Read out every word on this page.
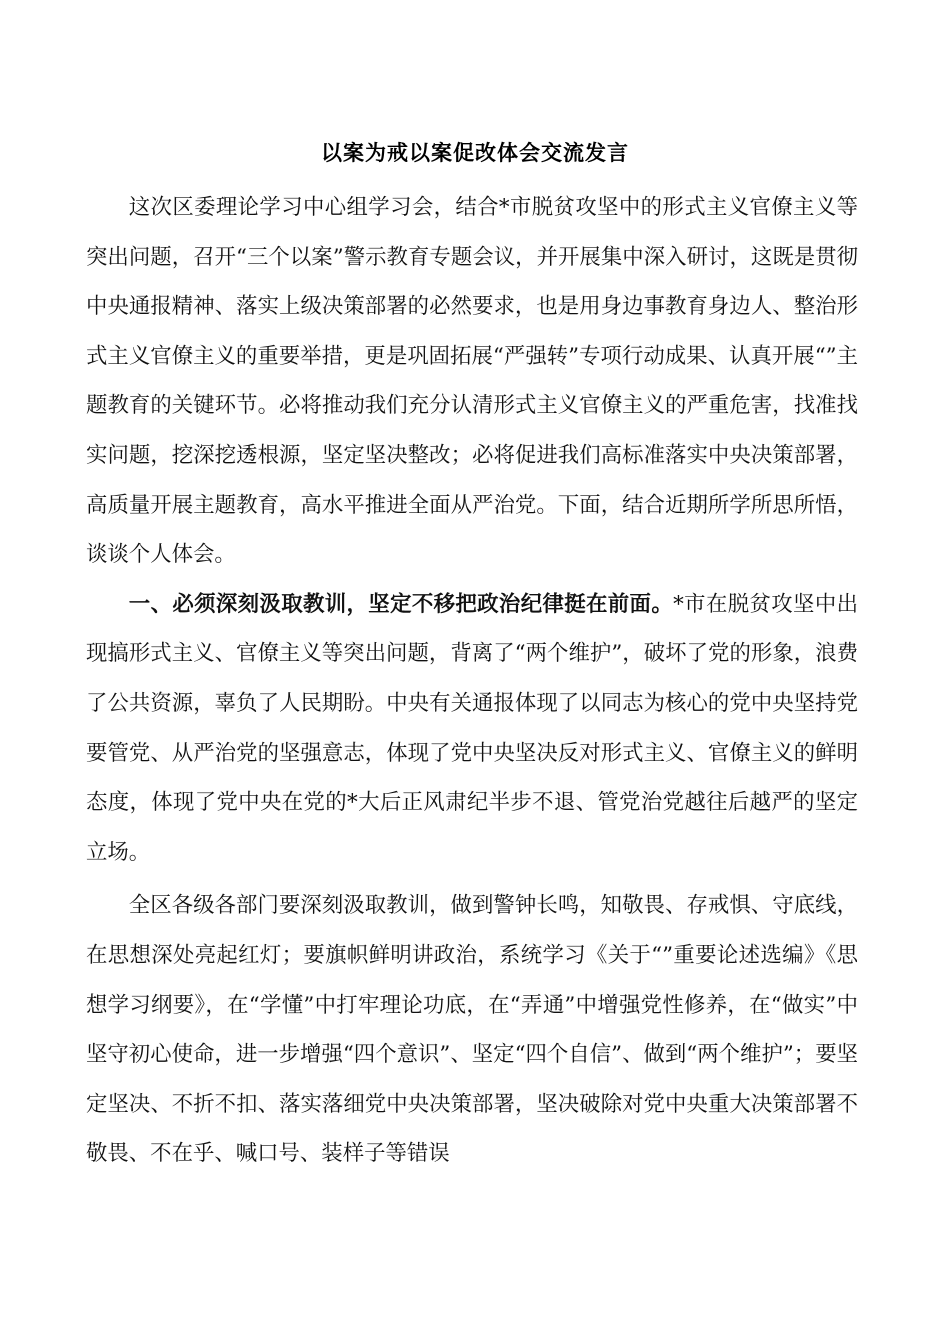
以案为戒以案促改体会交流发言

这次区委理论学习中心组学习会，结合*市脱贫攻坚中的形式主义官僚主义等突出问题，召开“三个以案”警示教育专题会议，并开展集中深入研讨，这既是贯彻中央通报精神、落实上级决策部署的必然要求，也是用身边事教育身边人、整治形式主义官僚主义的重要举措，更是巩固拓展“严强转”专项行动成果、认真开展“”主题教育的关键环节。必将推动我们充分认清形式主义官僚主义的严重危害，找准找实问题，挖深挖透根源，坚定坚决整改；必将促进我们高标准落实中央决策部署，高质量开展主题教育，高水平推进全面从严治党。下面，结合近期所学所思所悟，谈谈个人体会。

一、必须深刻汲取教训，坚定不移把政治纪律挺在前面。*市在脱贫攻坚中出现搞形式主义、官僚主义等突出问题，背离了“两个维护”，破坏了党的形象，浪费了公共资源，辜负了人民期盼。中央有关通报体现了以同志为核心的党中央坚持党要管党、从严治党的坚强意志，体现了党中央坚决反对形式主义、官僚主义的鲜明态度，体现了党中央在党的*大后正风肃纪半步不退、管党治党越往后越严的坚定立场。

全区各级各部门要深刻汲取教训，做到警钟长鸣，知敬畏、存戒惧、守底线，在思想深处亮起红灯；要旗帜鲜明讲政治，系统学习《关于“”重要论述选编》《思想学习纲要》，在“学懂”中打牢理论功底，在“弄通”中增强党性修养，在“做实”中坚守初心使命，进一步增强“四个意识”、坚定“四个自信”、做到“两个维护”；要坚定坚决、不折不扣、落实落细党中央决策部署，坚决破除对党中央重大决策部署不敬畏、不在乎、喊口号、装样子等错误
